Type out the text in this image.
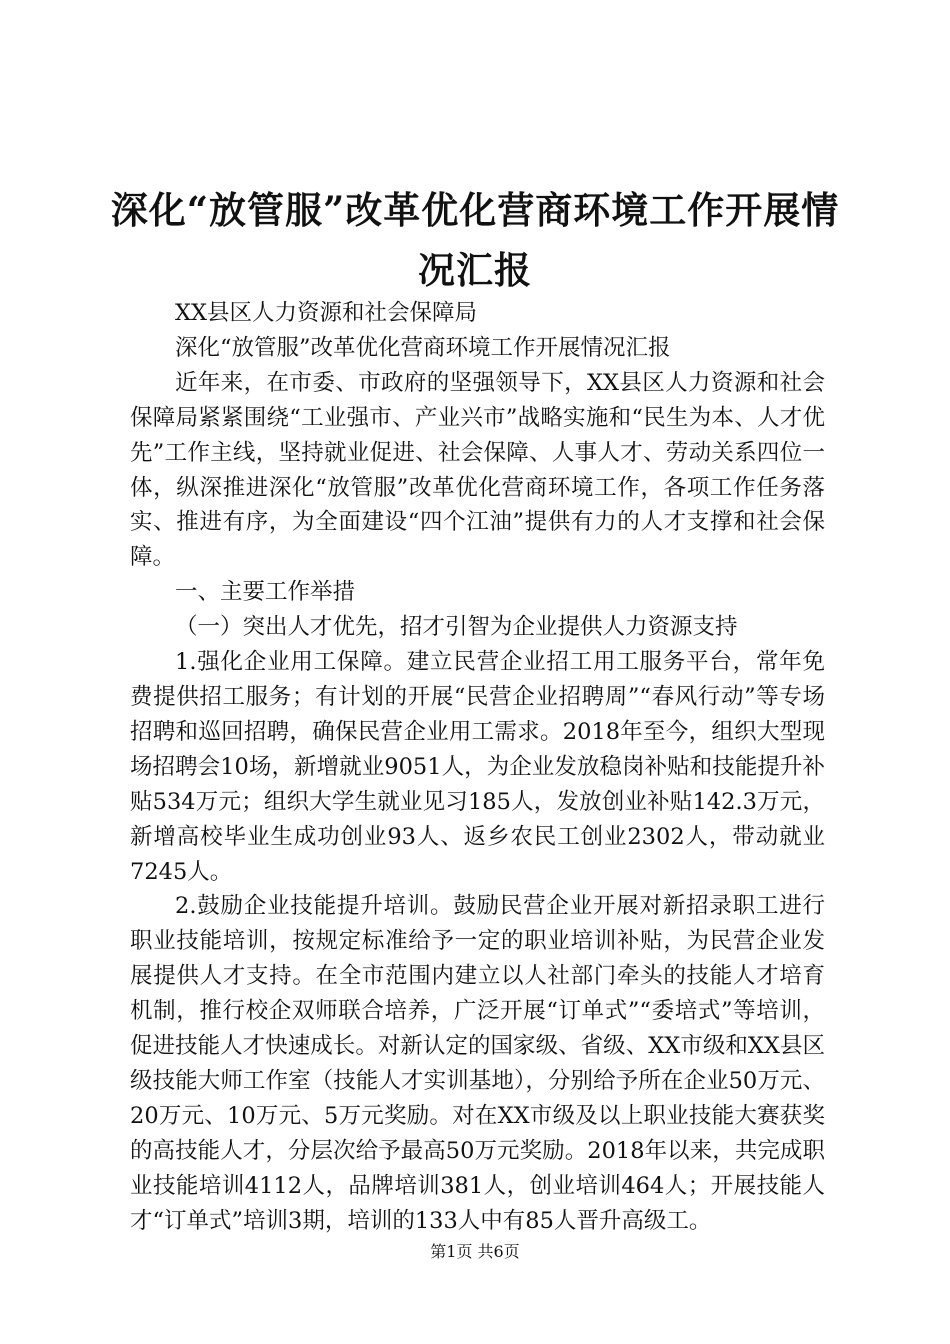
深化“放管服”改革优化营商环境工作开展情
况汇报

XX县区人力资源和社会保障局

深化“放管服”改革优化营商环境工作开展情况汇报

近年来，在市委、市政府的坚强领导下，XX县区人力资源和社会保障局紧紧围绕“工业强市、产业兴市”战略实施和“民生为本、人才优先”工作主线，坚持就业促进、社会保障、人事人才、劳动关系四位一体，纵深推进深化“放管服”改革优化营商环境工作，各项工作任务落实、推进有序，为全面建设“四个江油”提供有力的人才支撑和社会保障。

一、主要工作举措

（一）突出人才优先，招才引智为企业提供人力资源支持

1.强化企业用工保障。建立民营企业招工用工服务平台，常年免费提供招工服务；有计划的开展“民营企业招聘周”“春风行动”等专场招聘和巡回招聘，确保民营企业用工需求。2018年至今，组织大型现场招聘会10场，新增就业9051人，为企业发放稳岗补贴和技能提升补贴534万元；组织大学生就业见习185人，发放创业补贴142.3万元，新增高校毕业生成功创业93人、返乡农民工创业2302人，带动就业7245人。

2.鼓励企业技能提升培训。鼓励民营企业开展对新招录职工进行职业技能培训，按规定标准给予一定的职业培训补贴，为民营企业发展提供人才支持。在全市范围内建立以人社部门牵头的技能人才培育机制，推行校企双师联合培养，广泛开展“订单式”“委培式”等培训，促进技能人才快速成长。对新认定的国家级、省级、XX市级和XX县区级技能大师工作室（技能人才实训基地），分别给予所在企业50万元、20万元、10万元、5万元奖励。对在XX市级及以上职业技能大赛获奖的高技能人才，分层次给予最高50万元奖励。2018年以来，共完成职业技能培训4112人，品牌培训381人，创业培训464人；开展技能人才“订单式”培训3期，培训的133人中有85人晋升高级工。

第1页 共6页
